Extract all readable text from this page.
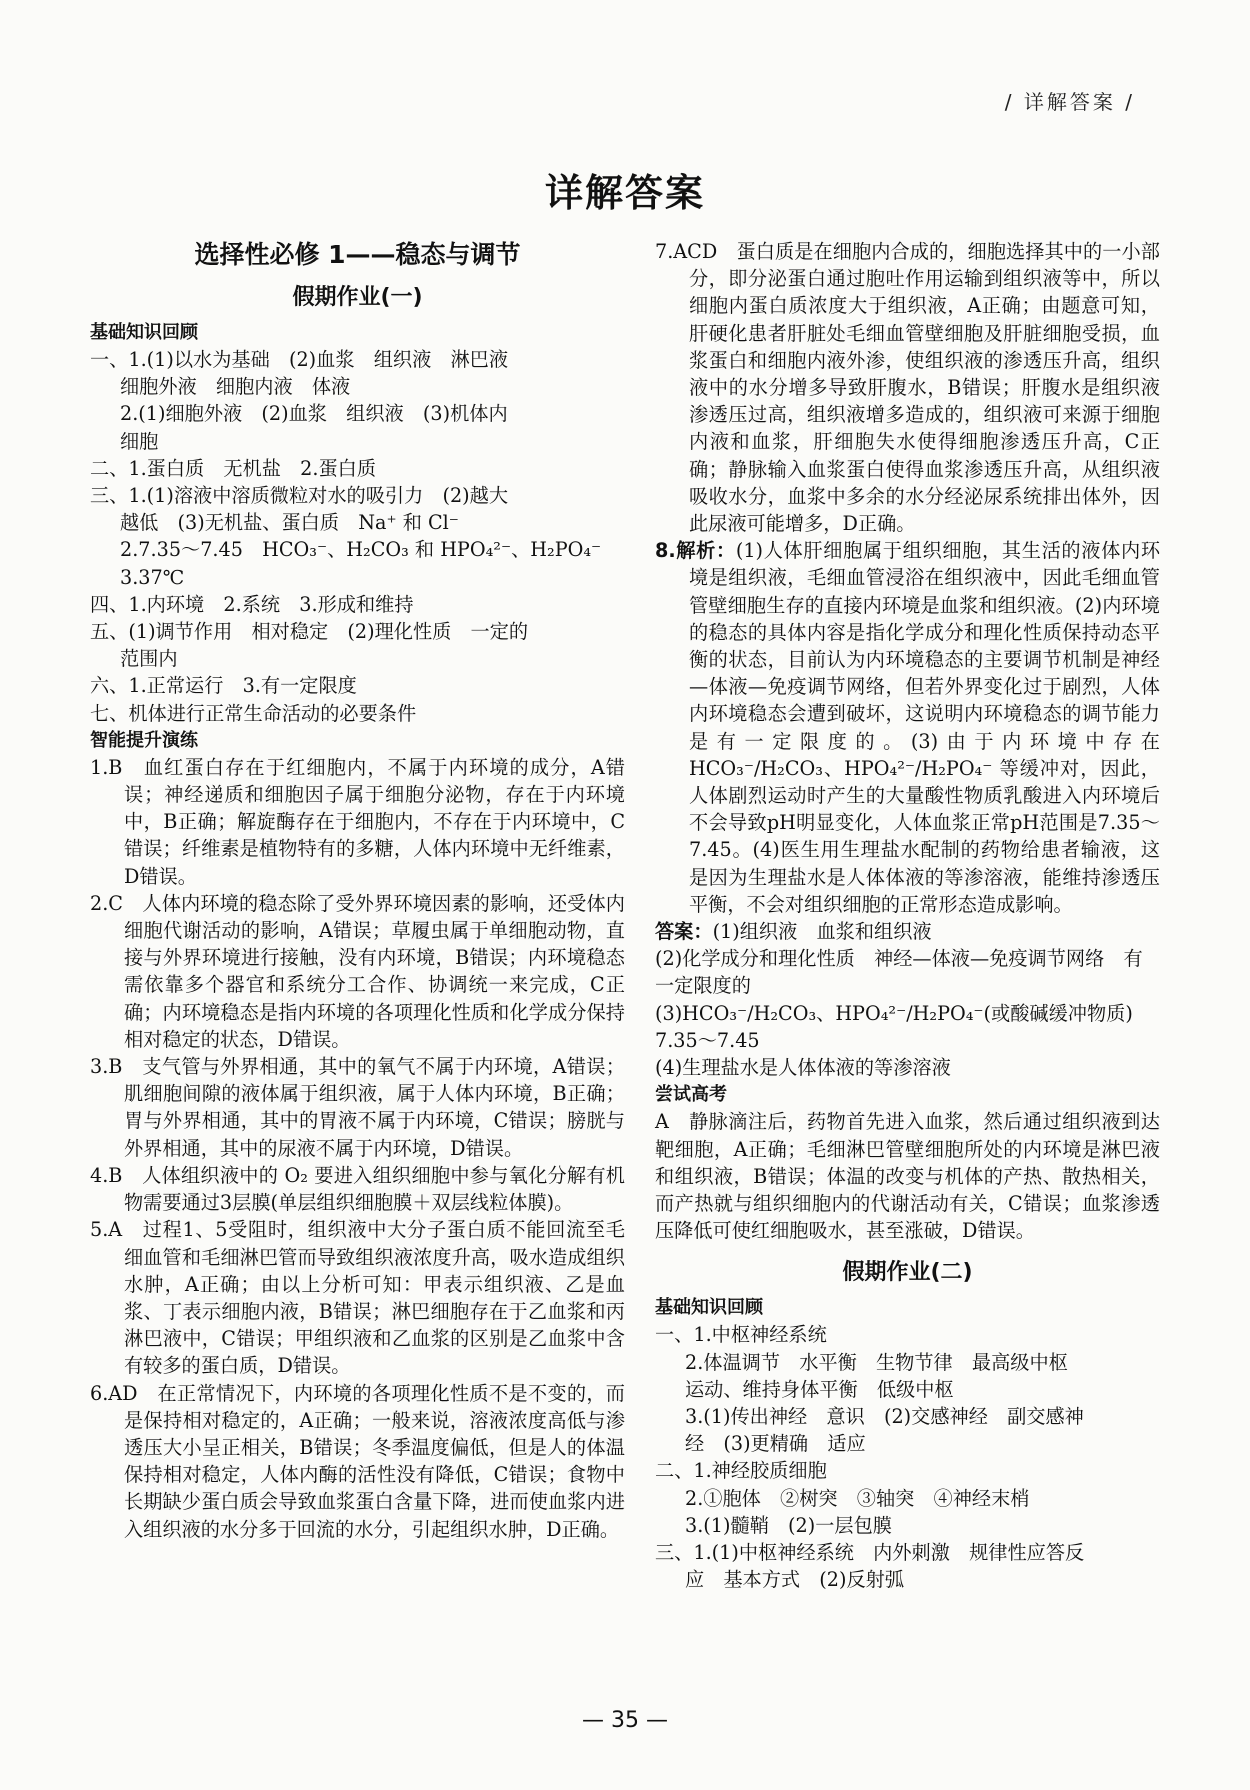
/ 详解答案 /
详解答案
选择性必修 1——稳态与调节
假期作业(一)
基础知识回顾

一、1.(1)以水为基础　(2)血浆　组织液　淋巴液

细胞外液　细胞内液　体液

2.(1)细胞外液　(2)血浆　组织液　(3)机体内

细胞

二、1.蛋白质　无机盐　2.蛋白质

三、1.(1)溶液中溶质微粒对水的吸引力　(2)越大

越低　(3)无机盐、蛋白质　Na⁺ 和 Cl⁻

2.7.35～7.45　HCO₃⁻、H₂CO₃ 和 HPO₄²⁻、H₂PO₄⁻

3.37℃

四、1.内环境　2.系统　3.形成和维持

五、(1)调节作用　相对稳定　(2)理化性质　一定的

范围内

六、1.正常运行　3.有一定限度

七、机体进行正常生命活动的必要条件

智能提升演练

1.B　血红蛋白存在于红细胞内，不属于内环境的成分，A错误；神经递质和细胞因子属于细胞分泌物，存在于内环境中，B正确；解旋酶存在于细胞内，不存在于内环境中，C错误；纤维素是植物特有的多糖，人体内环境中无纤维素，D错误。

2.C　人体内环境的稳态除了受外界环境因素的影响，还受体内细胞代谢活动的影响，A错误；草履虫属于单细胞动物，直接与外界环境进行接触，没有内环境，B错误；内环境稳态需依靠多个器官和系统分工合作、协调统一来完成，C正确；内环境稳态是指内环境的各项理化性质和化学成分保持相对稳定的状态，D错误。

3.B　支气管与外界相通，其中的氧气不属于内环境，A错误；肌细胞间隙的液体属于组织液，属于人体内环境，B正确；胃与外界相通，其中的胃液不属于内环境，C错误；膀胱与外界相通，其中的尿液不属于内环境，D错误。

4.B　人体组织液中的 O₂ 要进入组织细胞中参与氧化分解有机物需要通过3层膜(单层组织细胞膜＋双层线粒体膜)。

5.A　过程1、5受阻时，组织液中大分子蛋白质不能回流至毛细血管和毛细淋巴管而导致组织液浓度升高，吸水造成组织水肿，A正确；由以上分析可知：甲表示组织液、乙是血浆、丁表示细胞内液，B错误；淋巴细胞存在于乙血浆和丙淋巴液中，C错误；甲组织液和乙血浆的区别是乙血浆中含有较多的蛋白质，D错误。

6.AD　在正常情况下，内环境的各项理化性质不是不变的，而是保持相对稳定的，A正确；一般来说，溶液浓度高低与渗透压大小呈正相关，B错误；冬季温度偏低，但是人的体温保持相对稳定，人体内酶的活性没有降低，C错误；食物中长期缺少蛋白质会导致血浆蛋白含量下降，进而使血浆内进入组织液的水分多于回流的水分，引起组织水肿，D正确。

7.ACD　蛋白质是在细胞内合成的，细胞选择其中的一小部分，即分泌蛋白通过胞吐作用运输到组织液等中，所以细胞内蛋白质浓度大于组织液，A正确；由题意可知，肝硬化患者肝脏处毛细血管壁细胞及肝脏细胞受损，血浆蛋白和细胞内液外渗，使组织液的渗透压升高，组织液中的水分增多导致肝腹水，B错误；肝腹水是组织液渗透压过高，组织液增多造成的，组织液可来源于细胞内液和血浆，肝细胞失水使得细胞渗透压升高，C正确；静脉输入血浆蛋白使得血浆渗透压升高，从组织液吸收水分，血浆中多余的水分经泌尿系统排出体外，因此尿液可能增多，D正确。

8.解析：(1)人体肝细胞属于组织细胞，其生活的液体内环境是组织液，毛细血管浸浴在组织液中，因此毛细血管管壁细胞生存的直接内环境是血浆和组织液。(2)内环境的稳态的具体内容是指化学成分和理化性质保持动态平衡的状态，目前认为内环境稳态的主要调节机制是神经—体液—免疫调节网络，但若外界变化过于剧烈，人体内环境稳态会遭到破坏，这说明内环境稳态的调节能力是有一定限度的。(3)由于内环境中存在 HCO₃⁻/H₂CO₃、HPO₄²⁻/H₂PO₄⁻ 等缓冲对，因此，人体剧烈运动时产生的大量酸性物质乳酸进入内环境后不会导致pH明显变化，人体血浆正常pH范围是7.35～7.45。(4)医生用生理盐水配制的药物给患者输液，这是因为生理盐水是人体体液的等渗溶液，能维持渗透压平衡，不会对组织细胞的正常形态造成影响。

答案：(1)组织液　血浆和组织液

(2)化学成分和理化性质　神经—体液—免疫调节网络　有一定限度的

(3)HCO₃⁻/H₂CO₃、HPO₄²⁻/H₂PO₄⁻(或酸碱缓冲物质)　7.35～7.45

(4)生理盐水是人体体液的等渗溶液

尝试高考

A　静脉滴注后，药物首先进入血浆，然后通过组织液到达靶细胞，A正确；毛细淋巴管壁细胞所处的内环境是淋巴液和组织液，B错误；体温的改变与机体的产热、散热相关，而产热就与组织细胞内的代谢活动有关，C错误；血浆渗透压降低可使红细胞吸水，甚至涨破，D错误。

假期作业(二)
基础知识回顾

一、1.中枢神经系统

2.体温调节　水平衡　生物节律　最高级中枢

运动、维持身体平衡　低级中枢

3.(1)传出神经　意识　(2)交感神经　副交感神

经　(3)更精确　适应

二、1.神经胶质细胞

2.①胞体　②树突　③轴突　④神经末梢

3.(1)髓鞘　(2)一层包膜

三、1.(1)中枢神经系统　内外刺激　规律性应答反

应　基本方式　(2)反射弧

— 35 —
